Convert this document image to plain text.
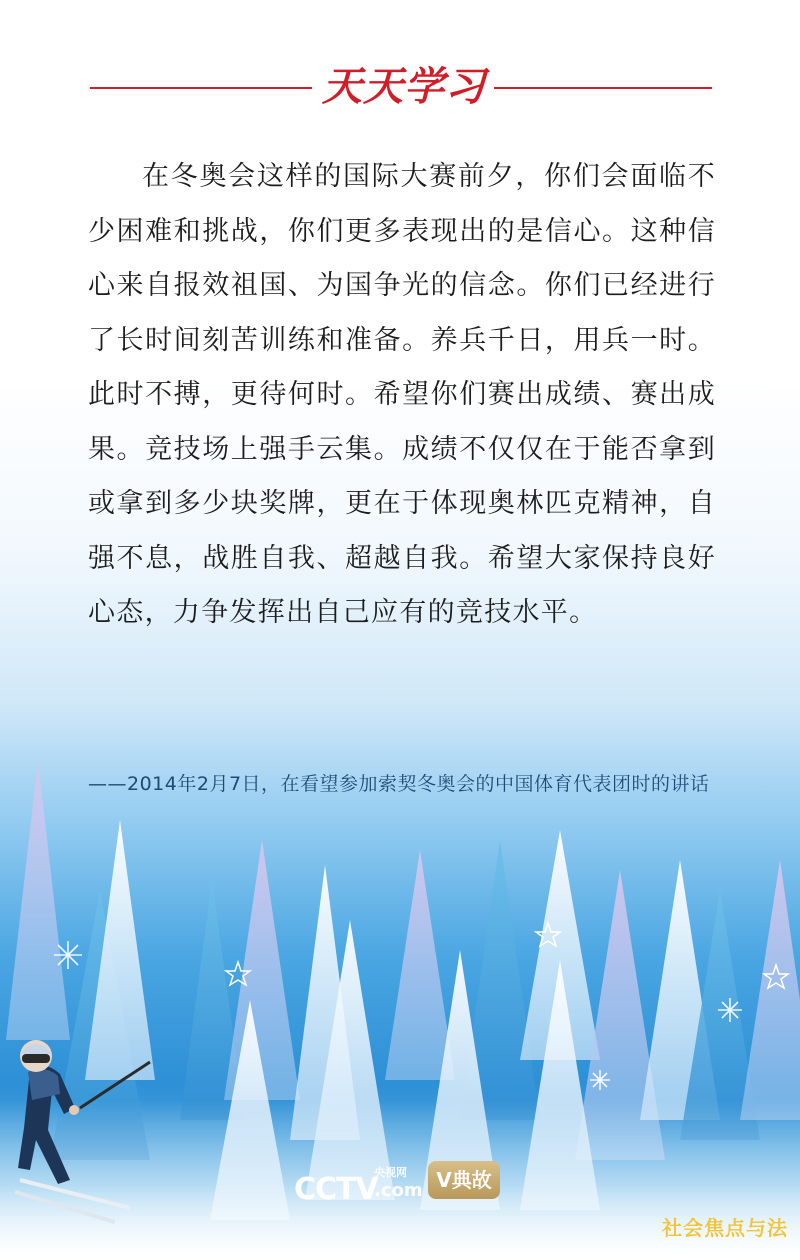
天天学习
在冬奥会这样的国际大赛前夕，你们会面临不少困难和挑战，你们更多表现出的是信心。这种信心来自报效祖国、为国争光的信念。你们已经进行了长时间刻苦训练和准备。养兵千日，用兵一时。此时不搏，更待何时。希望你们赛出成绩、赛出成果。竞技场上强手云集。成绩不仅仅在于能否拿到或拿到多少块奖牌，更在于体现奥林匹克精神，自强不息，战胜自我、超越自我。希望大家保持良好心态，力争发挥出自己应有的竞技水平。
——2014年2月7日，在看望参加索契冬奥会的中国体育代表团时的讲话
CCTV
央视网
.com V典故
社会焦点与法
